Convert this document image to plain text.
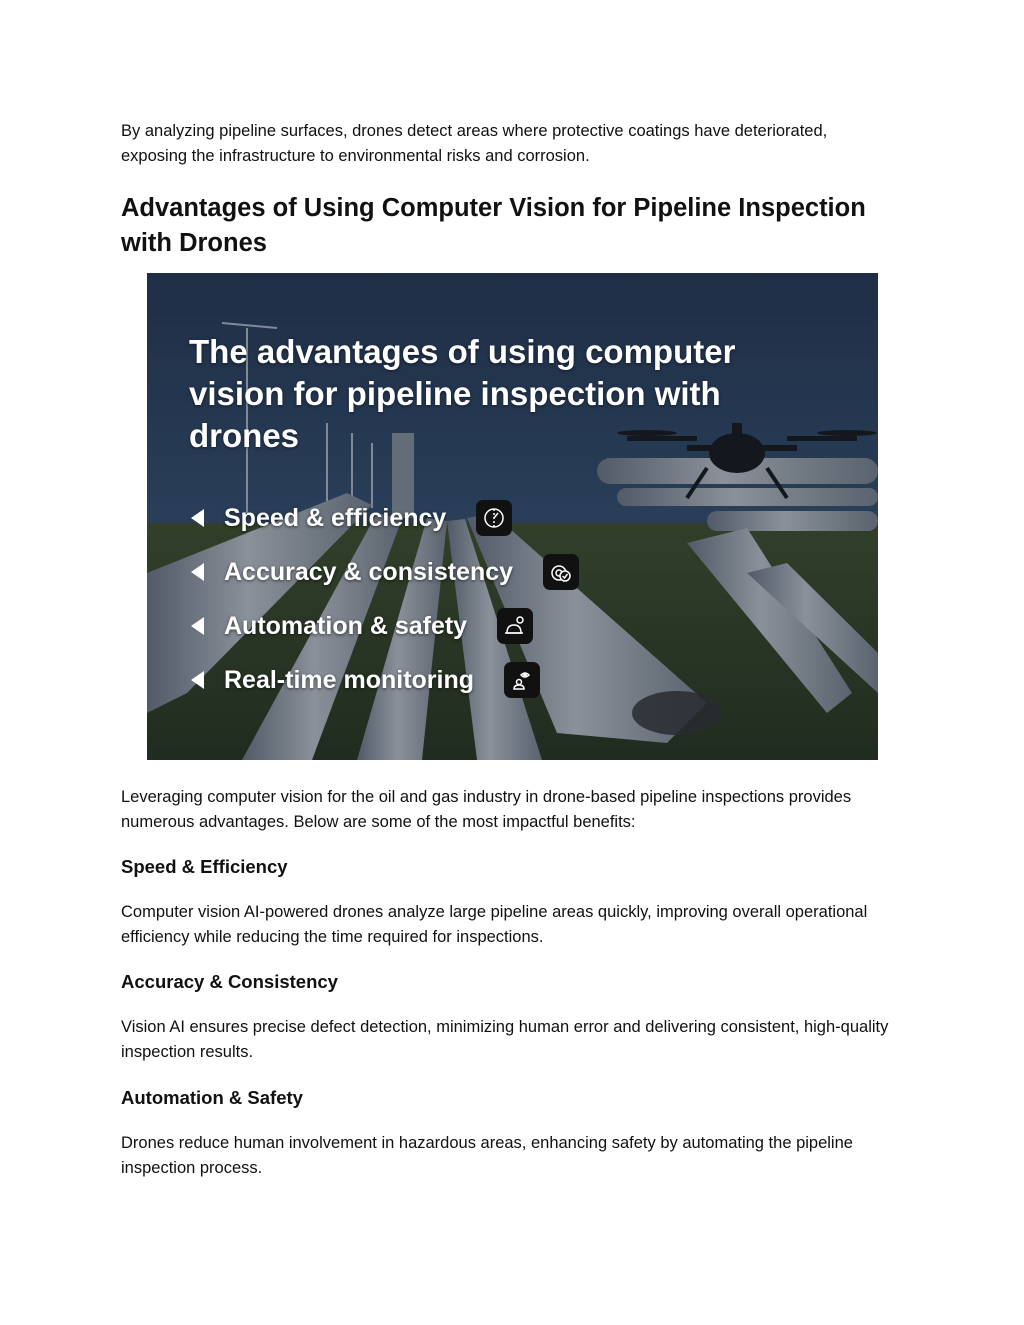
By analyzing pipeline surfaces, drones detect areas where protective coatings have deteriorated, exposing the infrastructure to environmental risks and corrosion.

Advantages of Using Computer Vision for Pipeline Inspection with Drones

The advantages of using computer vision for pipeline inspection with drones

Speed & efficiency
Accuracy & consistency
Automation & safety
Real-time monitoring

Leveraging computer vision for the oil and gas industry in drone-based pipeline inspections provides numerous advantages. Below are some of the most impactful benefits:

Speed & Efficiency

Computer vision AI-powered drones analyze large pipeline areas quickly, improving overall operational efficiency while reducing the time required for inspections.

Accuracy & Consistency

Vision AI ensures precise defect detection, minimizing human error and delivering consistent, high-quality inspection results.

Automation & Safety

Drones reduce human involvement in hazardous areas, enhancing safety by automating the pipeline inspection process.
